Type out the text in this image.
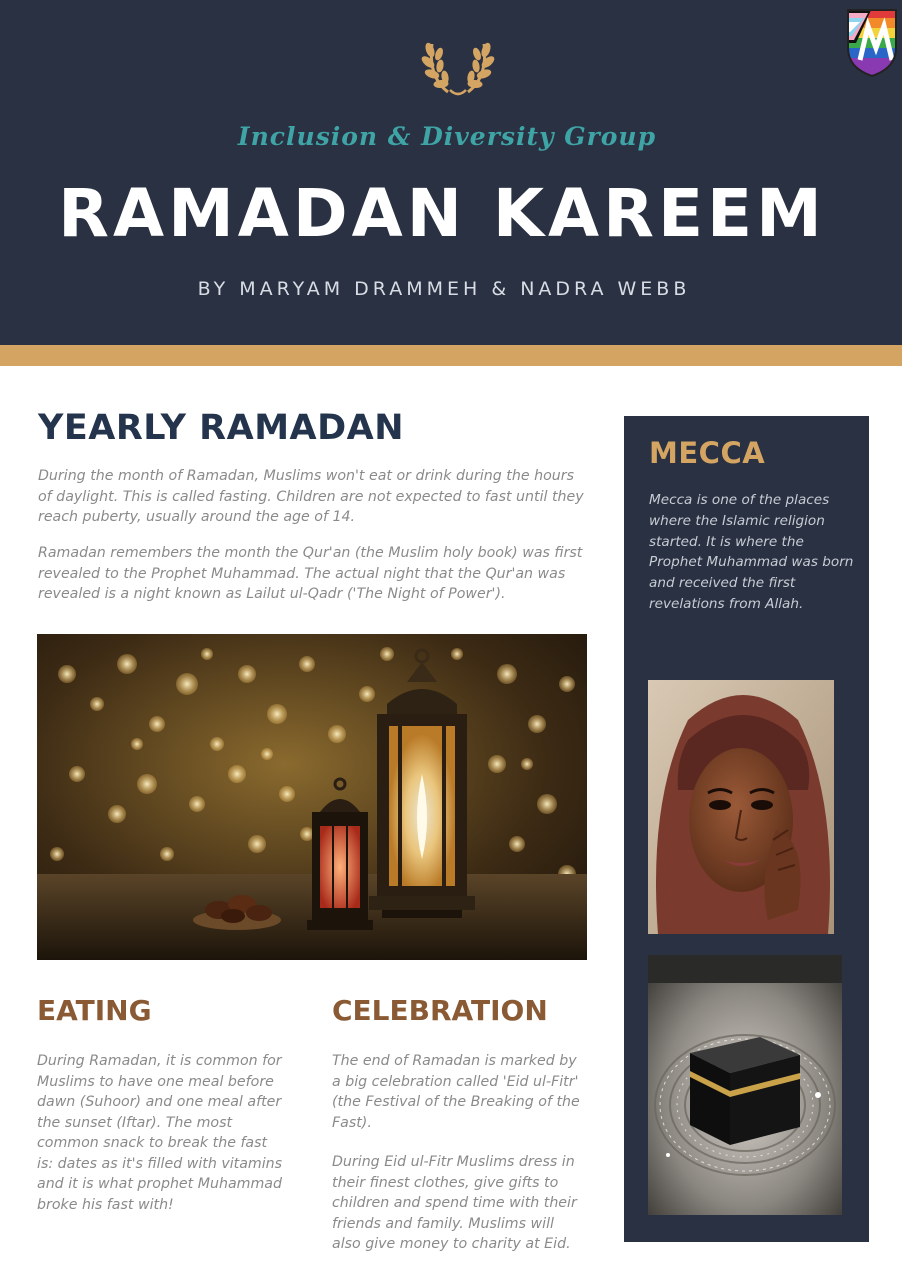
Inclusion & Diversity Group
RAMADAN KAREEM
BY MARYAM DRAMMEH & NADRA WEBB
YEARLY RAMADAN

During the month of Ramadan, Muslims won't eat or drink during the hours of daylight. This is called fasting. Children are not expected to fast until they reach puberty, usually around the age of 14.

Ramadan remembers the month the Qur'an (the Muslim holy book) was first revealed to the Prophet Muhammad. The actual night that the Qur'an was revealed is a night known as Lailut ul-Qadr ('The Night of Power').

EATING

During Ramadan, it is common for Muslims to have one meal before dawn (Suhoor) and one meal after the sunset (Iftar). The most common snack to break the fast is: dates as it's filled with vitamins and it is what prophet Muhammad broke his fast with!

CELEBRATION

The end of Ramadan is marked by a big celebration called 'Eid ul-Fitr' (the Festival of the Breaking of the Fast).

During Eid ul-Fitr Muslims dress in their finest clothes, give gifts to children and spend time with their friends and family. Muslims will also give money to charity at Eid.

MECCA

Mecca is one of the places where the Islamic religion started. It is where the Prophet Muhammad was born and received the first revelations from Allah.
